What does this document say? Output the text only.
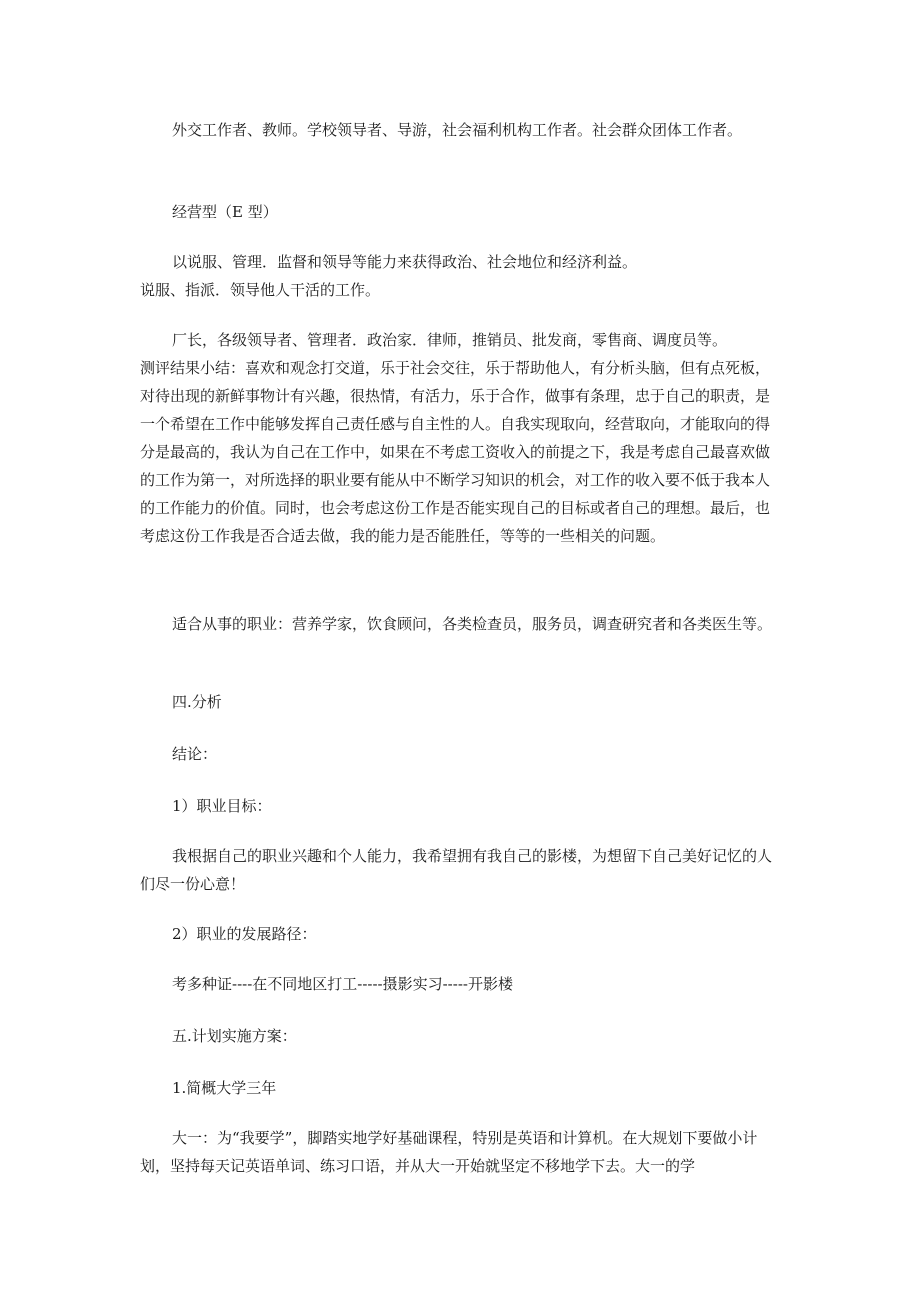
外交工作者、教师。学校领导者、导游，社会福利机构工作者。社会群众团体工作者。

经营型（E 型）

以说服、管理．监督和领导等能力来获得政治、社会地位和经济利益。

说服、指派．领导他人干活的工作。

厂长，各级领导者、管理者．政治家．律师，推销员、批发商，零售商、调度员等。

测评结果小结：喜欢和观念打交道，乐于社会交往，乐于帮助他人，有分析头脑，但有点死板，对待出现的新鲜事物计有兴趣，很热情，有活力，乐于合作，做事有条理，忠于自己的职责，是一个希望在工作中能够发挥自己责任感与自主性的人。自我实现取向，经营取向，才能取向的得分是最高的，我认为自己在工作中，如果在不考虑工资收入的前提之下，我是考虑自己最喜欢做的工作为第一，对所选择的职业要有能从中不断学习知识的机会，对工作的收入要不低于我本人的工作能力的价值。同时，也会考虑这份工作是否能实现自己的目标或者自己的理想。最后，也考虑这份工作我是否合适去做，我的能力是否能胜任，等等的一些相关的问题。

适合从事的职业：营养学家，饮食顾问，各类检查员，服务员，调查研究者和各类医生等。

四.分析

结论：

1）职业目标：

我根据自己的职业兴趣和个人能力，我希望拥有我自己的影楼，为想留下自己美好记忆的人们尽一份心意！

2）职业的发展路径：

考多种证----在不同地区打工-----摄影实习-----开影楼

五.计划实施方案：

1.简概大学三年

大一：为“我要学”，脚踏实地学好基础课程，特别是英语和计算机。在大规划下要做小计划，坚持每天记英语单词、练习口语，并从大一开始就坚定不移地学下去。大一的学
